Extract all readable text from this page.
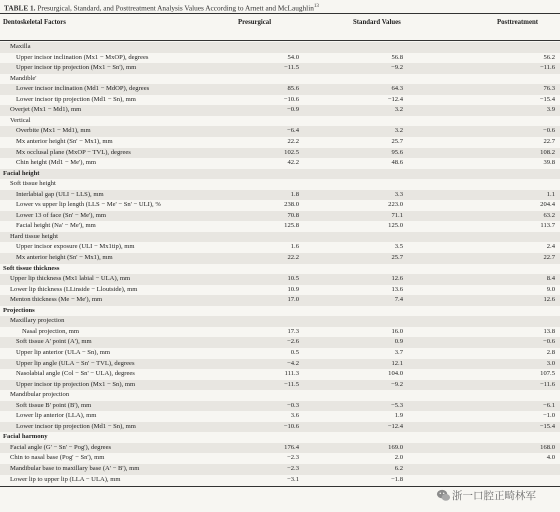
TABLE 1. Presurgical, Standard, and Posttreatment Analysis Values According to Arnett and McLaughlin$^{13}$
Dentoskeletal Factors	Presurgical	Standard Values	Posttreatment
Maxilla
Upper incisor inclination (Mx1 − MxOP), degrees	54.0	56.8	56.2
Upper incisor tip projection (Mx1 − Sn'), mm	−11.5	−9.2	−11.6
Mandible'
Lower incisor inclination (Md1 − MdOP), degrees	85.6	64.3	76.3
Lower incisor tip projection (Md1 − Sn), mm	−10.6	−12.4	−15.4
Overjet (Mx1 − Md1), mm	−0.9	3.2	3.9
Vertical
Overbite (Mx1 − Md1), mm	−6.4	3.2	−0.6
Mx anterior height (Sn' − Mx1), mm	22.2	25.7	22.7
Mx occlusal plane (MxOP − TVL), degrees	102.5	95.6	108.2
Chin height (Md1 − Me'), mm	42.2	48.6	39.8
Facial height
Soft tissue height
Interlabial gap (ULI − LLS), mm	1.8	3.3	1.1
Lower vs upper lip length (LLS − Me' − Sn' − ULI), %	238.0	223.0	204.4
Lower 13 of face (Sn' − Me'), mm	70.8	71.1	63.2
Facial height (Na' − Me'), mm	125.8	125.0	113.7
Hard tissue height
Upper incisor exposure (ULI − Mx1tip), mm	1.6	3.5	2.4
Mx anterior height (Sn' − Mx1), mm	22.2	25.7	22.7
Soft tissue thickness
Upper lip thickness (Mx1 labial − ULA), mm	10.5	12.6	8.4
Lower lip thickness (LLinside − Lloutside), mm	10.9	13.6	9.0
Menton thickness (Me − Me'), mm	17.0	7.4	12.6
Projections
Maxillary projection
Nasal projection, mm	17.3	16.0	13.8
Soft tissue A' point (A'), mm	−2.6	0.9	−0.6
Upper lip anterior (ULA − Sn), mm	0.5	3.7	2.8
Upper lip angle (ULA − Sn' − TVL), degrees	−4.2	12.1	3.0
Nasolabial angle (Col − Sn' − ULA), degrees	111.3	104.0	107.5
Upper incisor tip projection (Mx1 − Sn), mm	−11.5	−9.2	−11.6
Mandibular projection
Soft tissue B' point (B'), mm	−0.3	−5.3	−6.1
Lower lip anterior (LLA), mm	3.6	1.9	−1.0
Lower incisor tip projection (Md1 − Sn), mm	−10.6	−12.4	−15.4
Facial harmony
Facial angle (G' − Sn' − Pog'), degrees	176.4	169.0	168.0
Chin to nasal base (Pog' − Sn'), mm	−2.3	2.0	4.0
Mandibular base to maxillary base (A' − B'), mm	−2.3	6.2
Lower lip to upper lip (LLA − ULA), mm	−3.1	−1.8
浙一口腔正畸林军
